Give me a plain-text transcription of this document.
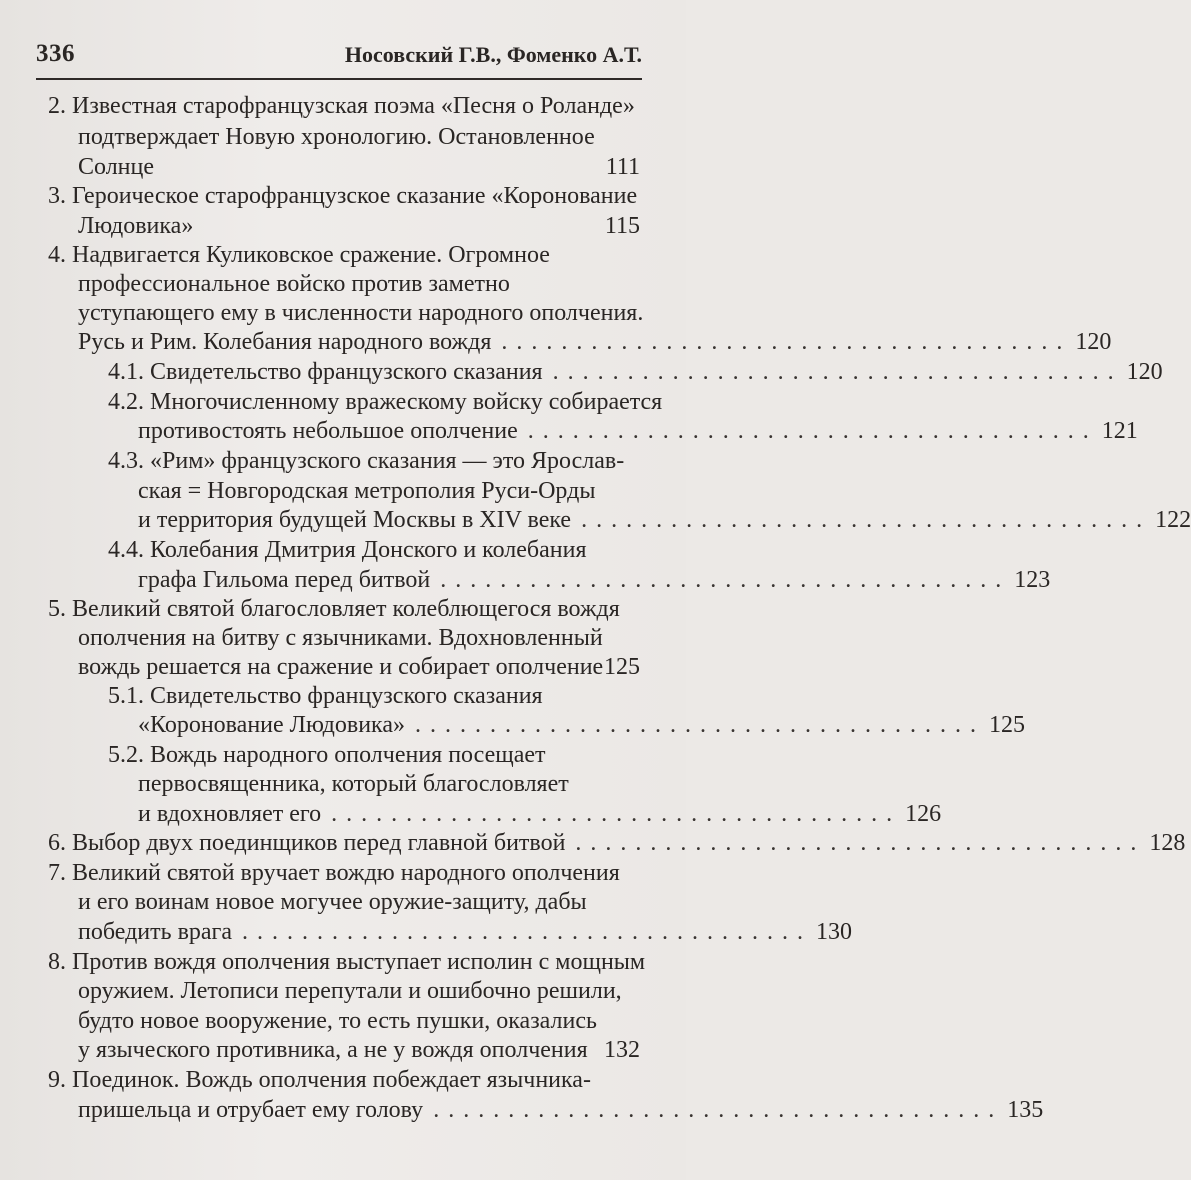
336	Носовский Г.В., Фоменко А.Т.
2. Известная старофранцузская поэма «Песня о Роланде»
подтверждает Новую хронологию. Остановленное
Солнце	111
3. Героическое старофранцузское сказание «Коронование
Людовика»	115
4. Надвигается Куликовское сражение. Огромное
профессиональное войско против заметно
уступающего ему в численности народного ополчения.
Русь и Рим. Колебания народного вождя ...................................... 120
4.1. Свидетельство французского сказания ...................................... 120
4.2. Многочисленному вражескому войску собирается
противостоять небольшое ополчение ...................................... 121
4.3. «Рим» французского сказания — это Ярослав-
ская = Новгородская метрополия Руси-Орды
и территория будущей Москвы в XIV веке ...................................... 122
4.4. Колебания Дмитрия Донского и колебания
графа Гильома перед битвой ...................................... 123
5. Великий святой благословляет колеблющегося вождя
ополчения на битву с язычниками. Вдохновленный
вождь решается на сражение и собирает ополчение 125
5.1. Свидетельство французского сказания
«Коронование Людовика» ...................................... 125
5.2. Вождь народного ополчения посещает
первосвященника, который благословляет
и вдохновляет его ...................................... 126
6. Выбор двух поединщиков перед главной битвой ...................................... 128
7. Великий святой вручает вождю народного ополчения
и его воинам новое могучее оружие-защиту, дабы
победить врага ...................................... 130
8. Против вождя ополчения выступает исполин с мощным
оружием. Летописи перепутали и ошибочно решили,
будто новое вооружение, то есть пушки, оказались
у языческого противника, а не у вождя ополчения 132
9. Поединок. Вождь ополчения побеждает язычника-
пришельца и отрубает ему голову ...................................... 135
